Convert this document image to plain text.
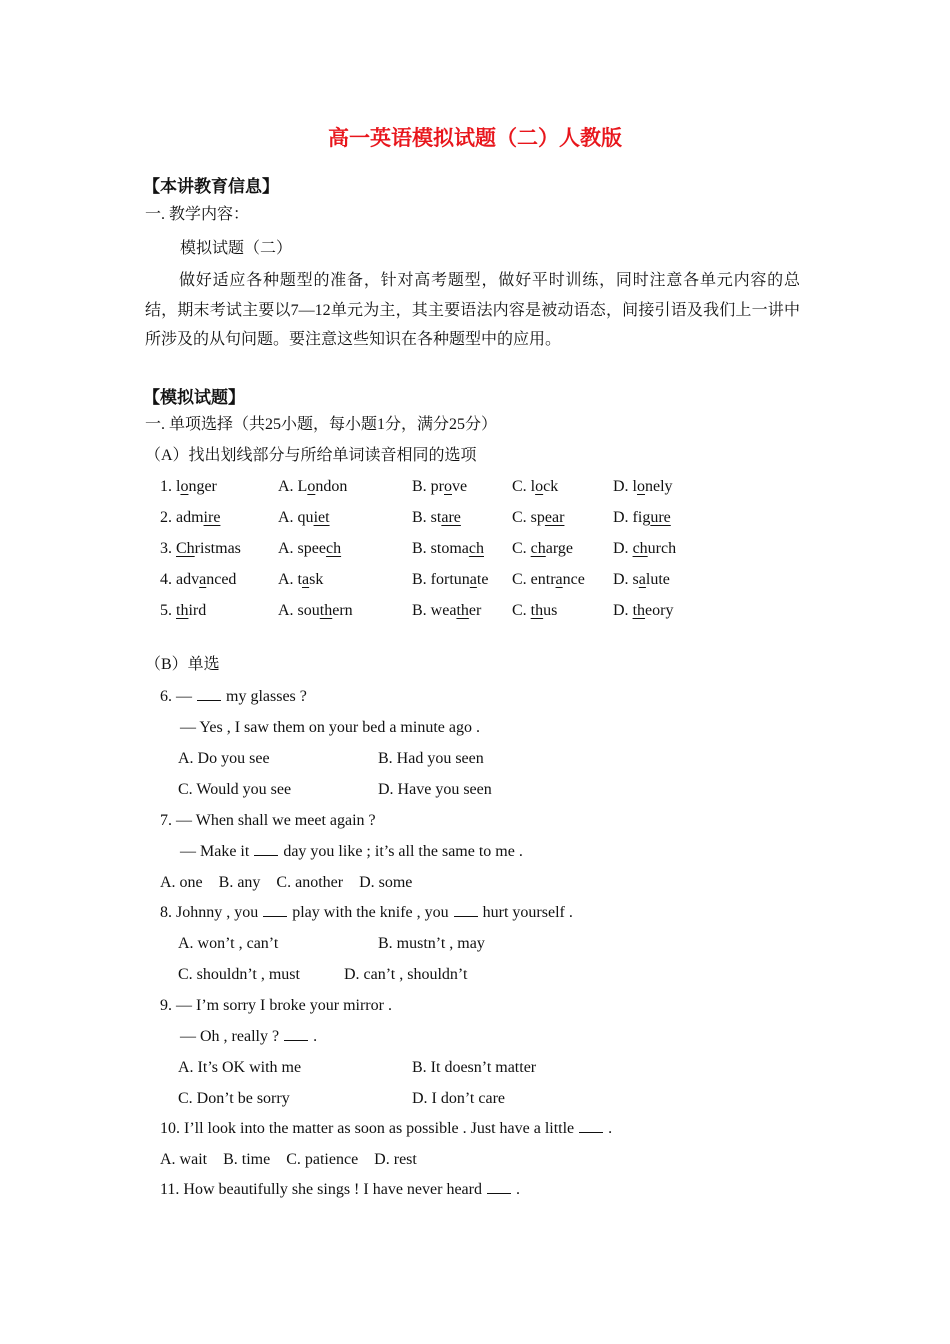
高一英语模拟试题（二）人教版
【本讲教育信息】
一. 教学内容：
模拟试题（二）
做好适应各种题型的准备，针对高考题型，做好平时训练，同时注意各单元内容的总结，期末考试主要以7—12单元为主，其主要语法内容是被动语态，间接引语及我们上一讲中所涉及的从句问题。要注意这些知识在各种题型中的应用。
【模拟试题】
一. 单项选择（共25小题，每小题1分，满分25分）
（A）找出划线部分与所给单词读音相同的选项
1. longer	A. London	B. prove	C. lock	D. lonely
2. admire	A. quiet	B. stare	C. spear	D. figure
3. Christmas A. speech	B. stomach C. charge D. church
4. advanced	A. task	B. fortunate C. entrance D. salute
5. third	A. southern	B. weather C. thus	D. theory
（B）单选
6. — my glasses ?
— Yes , I saw them on your bed a minute ago .
A. Do you see	B. Had you seen
C. Would you see	D. Have you seen
7. — When shall we meet again ?
— Make it day you like ; it’s all the same to me .
A. one    B. any    C. another    D. some
8. Johnny , you play with the knife , you hurt yourself .
A. won’t , can’t	B. mustn’t , may
C. shouldn’t , must	D. can’t , shouldn’t
9. — I’m sorry I broke your mirror .
— Oh , really ? .
A. It’s OK with me	B. It doesn’t matter
C. Don’t be sorry	D. I don’t care
10. I’ll look into the matter as soon as possible . Just have a little .
A. wait    B. time    C. patience    D. rest
11. How beautifully she sings ! I have never heard .
